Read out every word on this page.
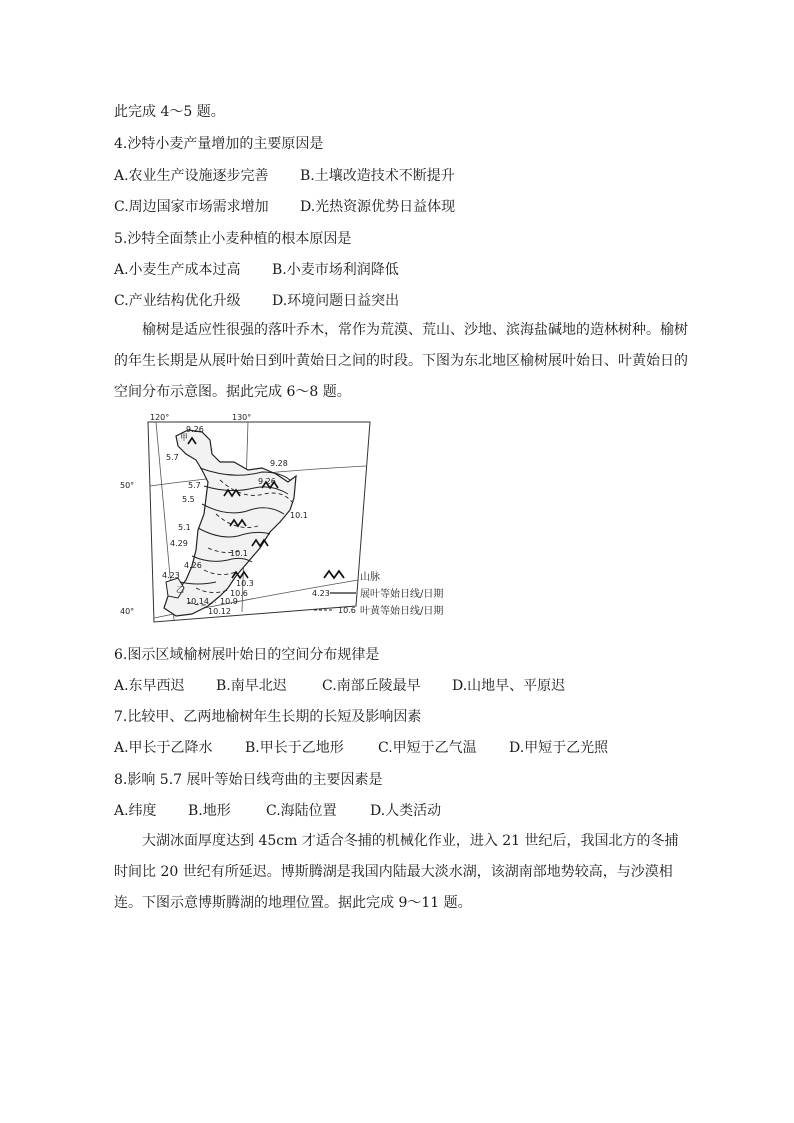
此完成 4～5 题。
4.沙特小麦产量增加的主要原因是
A.农业生产设施逐步完善 B.土壤改造技术不断提升
C.周边国家市场需求增加 D.光热资源优势日益体现
5.沙特全面禁止小麦种植的根本原因是
A.小麦生产成本过高 B.小麦市场利润降低
C.产业结构优化升级 D.环境问题日益突出
榆树是适应性很强的落叶乔木，常作为荒漠、荒山、沙地、滨海盐碱地的造林树种。榆树的年生长期是从展叶始日到叶黄始日之间的时段。下图为东北地区榆树展叶始日、叶黄始日的空间分布示意图。据此完成 6～8 题。
120°	130°
50°
40°
甲
乙
9.26
9.26
9.28
5.7
5.7
5.5
5.1
4.29
4.26
4.23
10.1
10.1
10.3
10.6
10.9
10.12
10.14
山脉
4.23	展叶等始日线/日期
10.6 叶黄等始日线/日期
6.图示区域榆树展叶始日的空间分布规律是
A.东早西迟 B.南早北迟	C.南部丘陵最早 D.山地早、平原迟
7.比较甲、乙两地榆树年生长期的长短及影响因素
A.甲长于乙降水 B.甲长于乙地形 C.甲短于乙气温 D.甲短于乙光照
8.影响 5.7 展叶等始日线弯曲的主要因素是
A.纬度 B.地形	C.海陆位置 D.人类活动
大湖冰面厚度达到 45cm 才适合冬捕的机械化作业，进入 21 世纪后，我国北方的冬捕时间比 20 世纪有所延迟。博斯腾湖是我国内陆最大淡水湖，该湖南部地势较高，与沙漠相连。下图示意博斯腾湖的地理位置。据此完成 9～11 题。
